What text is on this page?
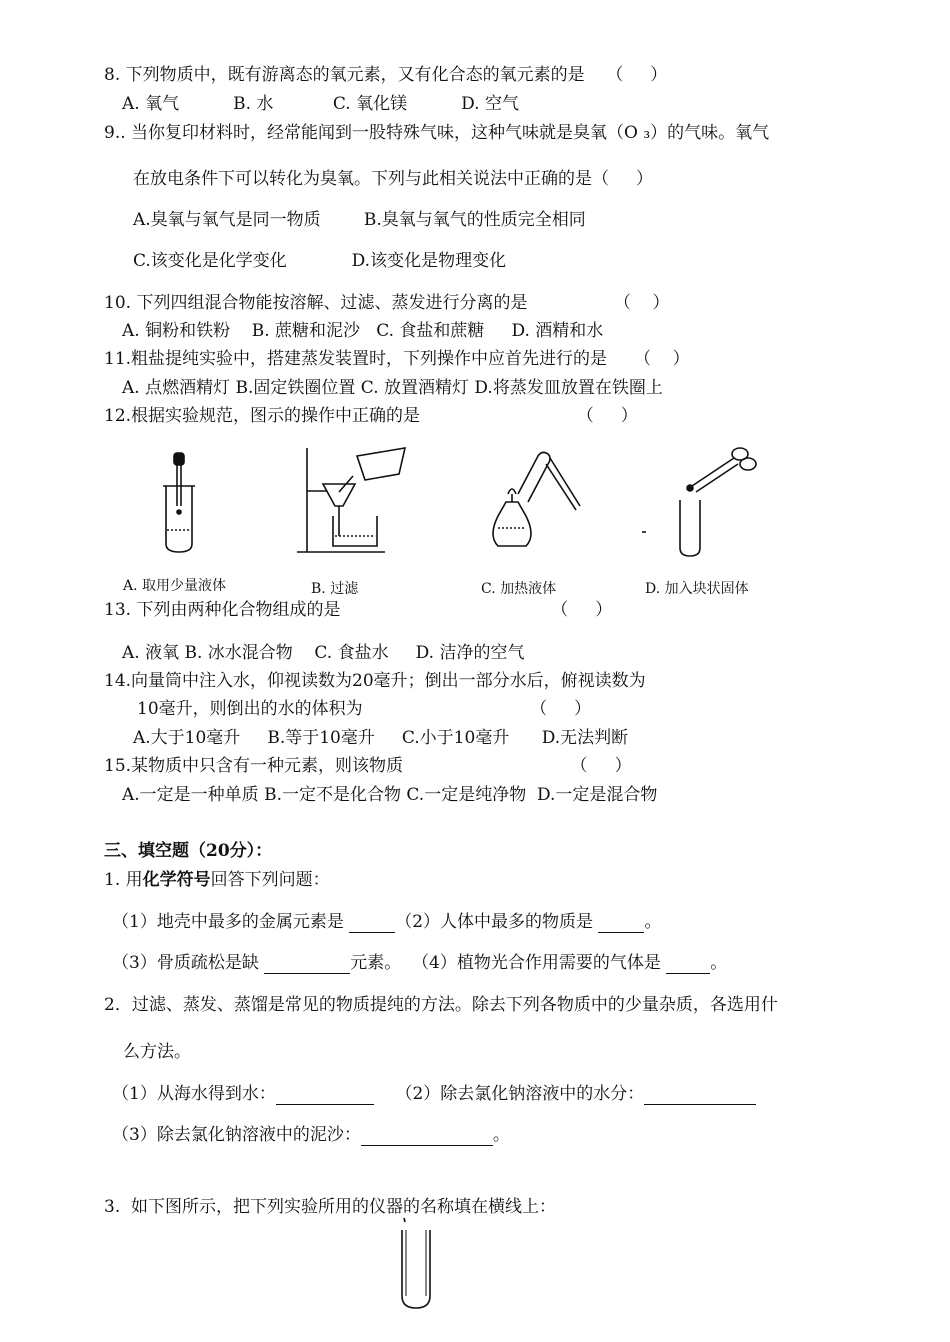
8. 下列物质中，既有游离态的氧元素，又有化合态的氧元素的是    （     ）
A. 氧气          B. 水           C. 氧化镁          D. 空气
9.. 当你复印材料时，经常能闻到一股特殊气味，这种气味就是臭氧（O ₃）的气味。氧气
在放电条件下可以转化为臭氧。下列与此相关说法中正确的是（     ）
A.臭氧与氧气是同一物质        B.臭氧与氧气的性质完全相同
C.该变化是化学变化            D.该变化是物理变化
10. 下列四组混合物能按溶解、过滤、蒸发进行分离的是                （    ）
A. 铜粉和铁粉    B. 蔗糖和泥沙   C. 食盐和蔗糖     D. 酒精和水
11.粗盐提纯实验中，搭建蒸发装置时，下列操作中应首先进行的是     （    ）
A. 点燃酒精灯 B.固定铁圈位置 C. 放置酒精灯 D.将蒸发皿放置在铁圈上
12.根据实验规范，图示的操作中正确的是                             （     ）
A. 取用少量液体	B. 过滤	C. 加热液体	D. 加入块状固体
13. 下列由两种化合物组成的是                                       （     ）
A. 液氧 B. 冰水混合物    C. 食盐水     D. 洁净的空气
14.向量筒中注入水，仰视读数为20毫升；倒出一部分水后，俯视读数为
10毫升，则倒出的水的体积为                               （     ）
A.大于10毫升     B.等于10毫升     C.小于10毫升      D.无法判断
15.某物质中只含有一种元素，则该物质                               （     ）
A.一定是一种单质 B.一定不是化合物 C.一定是纯净物  D.一定是混合物
三、填空题（20分）：
1. 用化学符号回答下列问题：
（1）地壳中最多的金属元素是	（2）人体中最多的物质是	。
（3）骨质疏松是缺	元素。  （4）植物光合作用需要的气体是	。
2．过滤、蒸发、蒸馏是常见的物质提纯的方法。除去下列各物质中的少量杂质，各选用什
么方法。
（1）从海水得到水：	（2）除去氯化钠溶液中的水分：
（3）除去氯化钠溶液中的泥沙：	。
3.  如下图所示，把下列实验所用的仪器的名称填在横线上：
